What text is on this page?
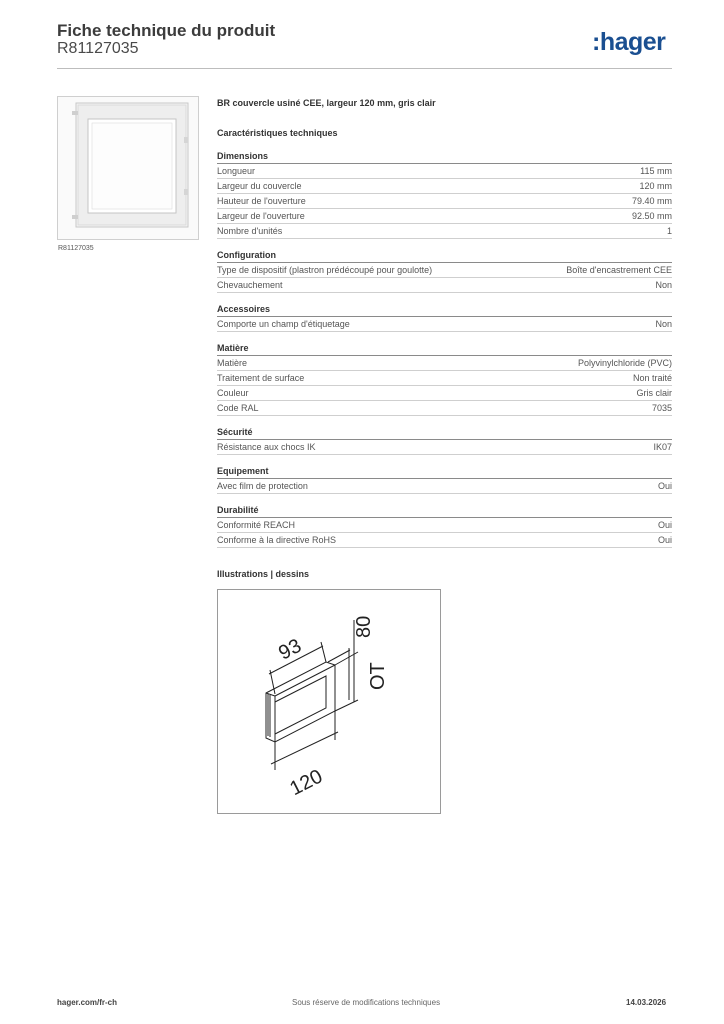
Fiche technique du produit
R81127035	:hager
R81127035
BR couvercle usiné CEE, largeur 120 mm, gris clair
Caractéristiques techniques
Dimensions
Longueur	115 mm
Largeur du couvercle	120 mm
Hauteur de l'ouverture	79.40 mm
Largeur de l'ouverture	92.50 mm
Nombre d'unités	1
Configuration
Type de dispositif (plastron prédécoupé pour goulotte)	Boîte d'encastrement CEE
Chevauchement	Non
Accessoires
Comporte un champ d'étiquetage	Non
Matière
Matière	Polyvinylchloride (PVC)
Traitement de surface	Non traité
Couleur	Gris clair
Code RAL	7035
Sécurité
Résistance aux chocs IK	IK07
Equipement
Avec film de protection	Oui
Durabilité
Conformité REACH	Oui
Conforme à la directive RoHS	Oui
Illustrations | dessins
93
80
OT
120
hager.com/fr-ch	Sous réserve de modifications techniques	14.03.2026
